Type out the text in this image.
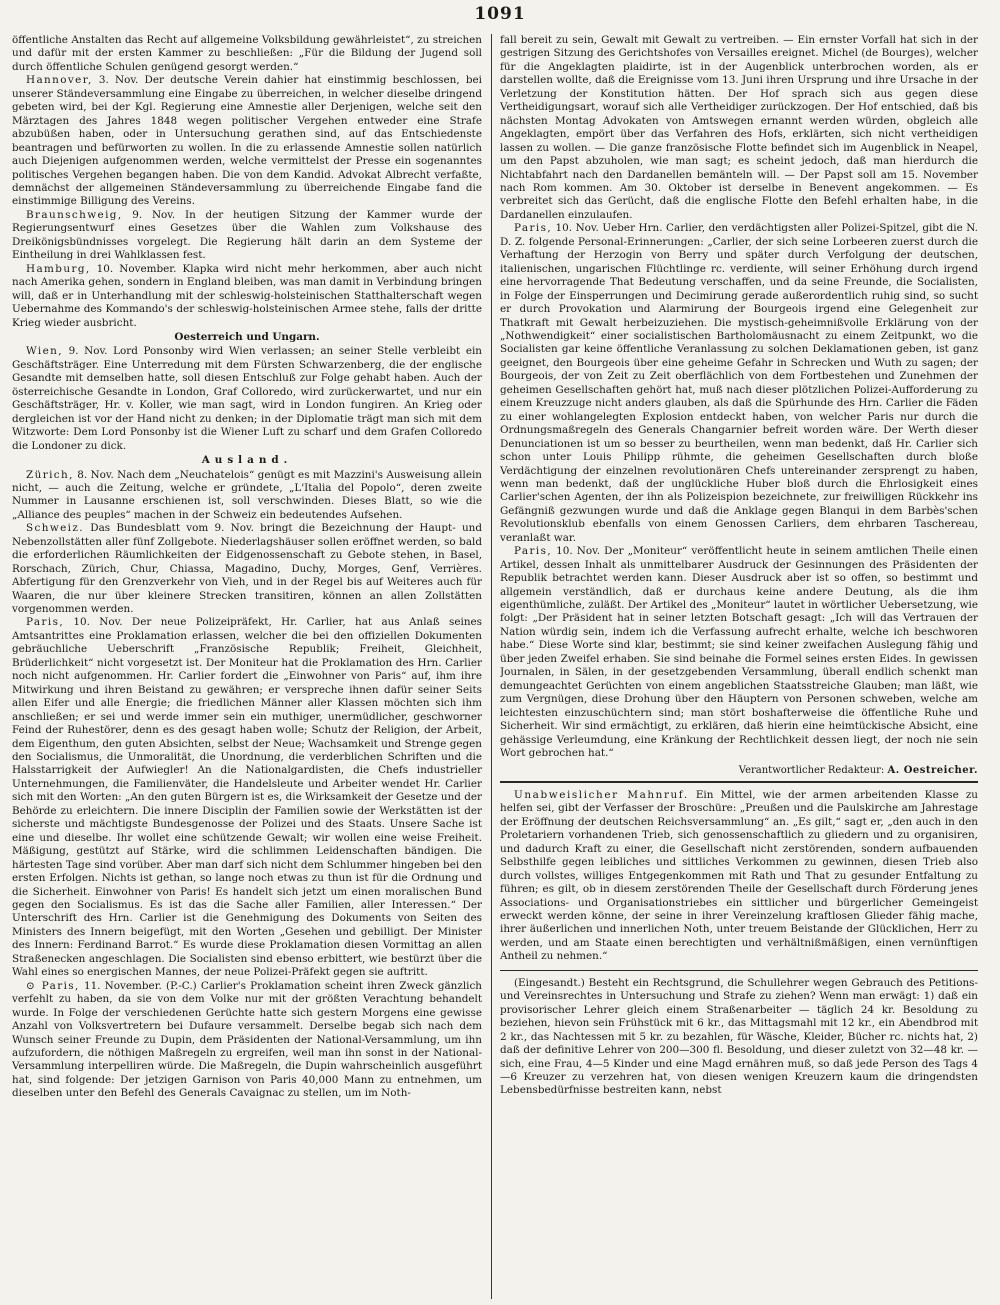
1091

öffentliche Anstalten das Recht auf allgemeine Volksbildung gewährleistet“, zu streichen und dafür mit der ersten Kammer zu beschließen: „Für die Bildung der Jugend soll durch öffentliche Schulen genügend gesorgt werden.“

Hannover, 3. Nov. Der deutsche Verein dahier hat einstimmig beschlossen, bei unserer Ständeversammlung eine Eingabe zu überreichen, in welcher dieselbe dringend gebeten wird, bei der Kgl. Regierung eine Amnestie aller Derjenigen, welche seit den Märztagen des Jahres 1848 wegen politischer Vergehen entweder eine Strafe abzubüßen haben, oder in Untersuchung gerathen sind, auf das Entschiedenste beantragen und befürworten zu wollen. In die zu erlassende Amnestie sollen natürlich auch Diejenigen aufgenommen werden, welche vermittelst der Presse ein sogenanntes politisches Vergehen begangen haben. Die von dem Kandid. Advokat Albrecht verfaßte, demnächst der allgemeinen Ständeversammlung zu überreichende Eingabe fand die einstimmige Billigung des Vereins.

Braunschweig, 9. Nov. In der heutigen Sitzung der Kammer wurde der Regierungsentwurf eines Gesetzes über die Wahlen zum Volkshause des Dreikönigsbündnisses vorgelegt. Die Regierung hält darin an dem Systeme der Eintheilung in drei Wahlklassen fest.

Hamburg, 10. November. Klapka wird nicht mehr herkommen, aber auch nicht nach Amerika gehen, sondern in England bleiben, was man damit in Verbindung bringen will, daß er in Unterhandlung mit der schleswig-holsteinischen Statthalterschaft wegen Uebernahme des Kommando's der schleswig-holsteinischen Armee stehe, falls der dritte Krieg wieder ausbricht.

Oesterreich und Ungarn.

Wien, 9. Nov. Lord Ponsonby wird Wien verlassen; an seiner Stelle verbleibt ein Geschäftsträger. Eine Unterredung mit dem Fürsten Schwarzenberg, die der englische Gesandte mit demselben hatte, soll diesen Entschluß zur Folge gehabt haben. Auch der österreichische Gesandte in London, Graf Colloredo, wird zurückerwartet, und nur ein Geschäftsträger, Hr. v. Koller, wie man sagt, wird in London fungiren. An Krieg oder dergleichen ist vor der Hand nicht zu denken; in der Diplomatie trägt man sich mit dem Witzworte: Dem Lord Ponsonby ist die Wiener Luft zu scharf und dem Grafen Colloredo die Londoner zu dick.

Ausland.

Zürich, 8. Nov. Nach dem „Neuchatelois“ genügt es mit Mazzini's Ausweisung allein nicht, — auch die Zeitung, welche er gründete, „L'Italia del Popolo“, deren zweite Nummer in Lausanne erschienen ist, soll verschwinden. Dieses Blatt, so wie die „Alliance des peuples“ machen in der Schweiz ein bedeutendes Aufsehen.

Schweiz. Das Bundesblatt vom 9. Nov. bringt die Bezeichnung der Haupt- und Nebenzollstätten aller fünf Zollgebote. Niederlagshäuser sollen eröffnet werden, so bald die erforderlichen Räumlichkeiten der Eidgenossenschaft zu Gebote stehen, in Basel, Rorschach, Zürich, Chur, Chiassa, Magadino, Duchy, Morges, Genf, Verrières. Abfertigung für den Grenzverkehr von Vieh, und in der Regel bis auf Weiteres auch für Waaren, die nur über kleinere Strecken transitiren, können an allen Zollstätten vorgenommen werden.

Paris, 10. Nov. Der neue Polizeipräfekt, Hr. Carlier, hat aus Anlaß seines Amtsantrittes eine Proklamation erlassen, welcher die bei den offiziellen Dokumenten gebräuchliche Ueberschrift „Französische Republik; Freiheit, Gleichheit, Brüderlichkeit“ nicht vorgesetzt ist. Der Moniteur hat die Proklamation des Hrn. Carlier noch nicht aufgenommen. Hr. Carlier fordert die „Einwohner von Paris“ auf, ihm ihre Mitwirkung und ihren Beistand zu gewähren; er verspreche ihnen dafür seiner Seits allen Eifer und alle Energie; die friedlichen Männer aller Klassen möchten sich ihm anschließen; er sei und werde immer sein ein muthiger, unermüdlicher, geschworner Feind der Ruhestörer, denn es des gesagt haben wolle; Schutz der Religion, der Arbeit, dem Eigenthum, den guten Absichten, selbst der Neue; Wachsamkeit und Strenge gegen den Socialismus, die Unmoralität, die Unordnung, die verderblichen Schriften und die Halsstarrigkeit der Aufwiegler! An die Nationalgardisten, die Chefs industrieller Unternehmungen, die Familienväter, die Handelsleute und Arbeiter wendet Hr. Carlier sich mit den Worten: „An den guten Bürgern ist es, die Wirksamkeit der Gesetze und der Behörde zu erleichtern. Die innere Disciplin der Familien sowie der Werkstätten ist der sicherste und mächtigste Bundesgenosse der Polizei und des Staats. Unsere Sache ist eine und dieselbe. Ihr wollet eine schützende Gewalt; wir wollen eine weise Freiheit. Mäßigung, gestützt auf Stärke, wird die schlimmen Leidenschaften bändigen. Die härtesten Tage sind vorüber. Aber man darf sich nicht dem Schlummer hingeben bei den ersten Erfolgen. Nichts ist gethan, so lange noch etwas zu thun ist für die Ordnung und die Sicherheit. Einwohner von Paris! Es handelt sich jetzt um einen moralischen Bund gegen den Socialismus. Es ist das die Sache aller Familien, aller Interessen.“ Der Unterschrift des Hrn. Carlier ist die Genehmigung des Dokuments von Seiten des Ministers des Innern beigefügt, mit den Worten „Gesehen und gebilligt. Der Minister des Innern: Ferdinand Barrot.“ Es wurde diese Proklamation diesen Vormittag an allen Straßenecken angeschlagen. Die Socialisten sind ebenso erbittert, wie bestürzt über die Wahl eines so energischen Mannes, der neue Polizei-Präfekt gegen sie auftritt.

⊙ Paris, 11. November. (P.-C.) Carlier's Proklamation scheint ihren Zweck gänzlich verfehlt zu haben, da sie von dem Volke nur mit der größten Verachtung behandelt wurde. In Folge der verschiedenen Gerüchte hatte sich gestern Morgens eine gewisse Anzahl von Volksvertretern bei Dufaure versammelt. Derselbe begab sich nach dem Wunsch seiner Freunde zu Dupin, dem Präsidenten der National-Versammlung, um ihn aufzufordern, die nöthigen Maßregeln zu ergreifen, weil man ihn sonst in der National-Versammlung interpelliren würde. Die Maßregeln, die Dupin wahrscheinlich ausgeführt hat, sind folgende: Der jetzigen Garnison von Paris 40,000 Mann zu entnehmen, um dieselben unter den Befehl des Generals Cavaignac zu stellen, um im Noth-

fall bereit zu sein, Gewalt mit Gewalt zu vertreiben. — Ein ernster Vorfall hat sich in der gestrigen Sitzung des Gerichtshofes von Versailles ereignet. Michel (de Bourges), welcher für die Angeklagten plaidirte, ist in der Augenblick unterbrochen worden, als er darstellen wollte, daß die Ereignisse vom 13. Juni ihren Ursprung und ihre Ursache in der Verletzung der Konstitution hätten. Der Hof sprach sich aus gegen diese Vertheidigungsart, worauf sich alle Vertheidiger zurückzogen. Der Hof entschied, daß bis nächsten Montag Advokaten von Amtswegen ernannt werden würden, obgleich alle Angeklagten, empört über das Verfahren des Hofs, erklärten, sich nicht vertheidigen lassen zu wollen. — Die ganze französische Flotte befindet sich im Augenblick in Neapel, um den Papst abzuholen, wie man sagt; es scheint jedoch, daß man hierdurch die Nichtabfahrt nach den Dardanellen bemänteln will. — Der Papst soll am 15. November nach Rom kommen. Am 30. Oktober ist derselbe in Benevent angekommen. — Es verbreitet sich das Gerücht, daß die englische Flotte den Befehl erhalten habe, in die Dardanellen einzulaufen.

Paris, 10. Nov. Ueber Hrn. Carlier, den verdächtigsten aller Polizei-Spitzel, gibt die N. D. Z. folgende Personal-Erinnerungen: „Carlier, der sich seine Lorbeeren zuerst durch die Verhaftung der Herzogin von Berry und später durch Verfolgung der deutschen, italienischen, ungarischen Flüchtlinge rc. verdiente, will seiner Erhöhung durch irgend eine hervorragende That Bedeutung verschaffen, und da seine Freunde, die Socialisten, in Folge der Einsperrungen und Decimirung gerade außerordentlich ruhig sind, so sucht er durch Provokation und Alarmirung der Bourgeois irgend eine Gelegenheit zur Thatkraft mit Gewalt herbeizuziehen. Die mystisch-geheimnißvolle Erklärung von der „Nothwendigkeit“ einer socialistischen Bartholomäusnacht zu einem Zeitpunkt, wo die Socialisten gar keine öffentliche Veranlassung zu solchen Deklamationen geben, ist ganz geeignet, den Bourgeois über eine geheime Gefahr in Schrecken und Wuth zu sagen; der Bourgeois, der von Zeit zu Zeit oberflächlich von dem Fortbestehen und Zunehmen der geheimen Gesellschaften gehört hat, muß nach dieser plötzlichen Polizei-Aufforderung zu einem Kreuzzuge nicht anders glauben, als daß die Spürhunde des Hrn. Carlier die Fäden zu einer wohlangelegten Explosion entdeckt haben, von welcher Paris nur durch die Ordnungsmaßregeln des Generals Changarnier befreit worden wäre. Der Werth dieser Denunciationen ist um so besser zu beurtheilen, wenn man bedenkt, daß Hr. Carlier sich schon unter Louis Philipp rühmte, die geheimen Gesellschaften durch bloße Verdächtigung der einzelnen revolutionären Chefs untereinander zersprengt zu haben, wenn man bedenkt, daß der unglückliche Huber bloß durch die Ehrlosigkeit eines Carlier'schen Agenten, der ihn als Polizeispion bezeichnete, zur freiwilligen Rückkehr ins Gefängniß gezwungen wurde und daß die Anklage gegen Blanqui in dem Barbès'schen Revolutionsklub ebenfalls von einem Genossen Carliers, dem ehrbaren Taschereau, veranlaßt war.

Paris, 10. Nov. Der „Moniteur“ veröffentlicht heute in seinem amtlichen Theile einen Artikel, dessen Inhalt als unmittelbarer Ausdruck der Gesinnungen des Präsidenten der Republik betrachtet werden kann. Dieser Ausdruck aber ist so offen, so bestimmt und allgemein verständlich, daß er durchaus keine andere Deutung, als die ihm eigenthümliche, zuläßt. Der Artikel des „Moniteur“ lautet in wörtlicher Uebersetzung, wie folgt: „Der Präsident hat in seiner letzten Botschaft gesagt: „Ich will das Vertrauen der Nation würdig sein, indem ich die Verfassung aufrecht erhalte, welche ich beschworen habe.“ Diese Worte sind klar, bestimmt; sie sind keiner zweifachen Auslegung fähig und über jeden Zweifel erhaben. Sie sind beinahe die Formel seines ersten Eides. In gewissen Journalen, in Sälen, in der gesetzgebenden Versammlung, überall endlich schenkt man demungeachtet Gerüchten von einem angeblichen Staatsstreiche Glauben; man läßt, wie zum Vergnügen, diese Drohung über den Häuptern von Personen schweben, welche am leichtesten einzuschüchtern sind; man stört boshafterweise die öffentliche Ruhe und Sicherheit. Wir sind ermächtigt, zu erklären, daß hierin eine heimtückische Absicht, eine gehässige Verleumdung, eine Kränkung der Rechtlichkeit dessen liegt, der noch nie sein Wort gebrochen hat.“

Verantwortlicher Redakteur: A. Oestreicher.

Unabweislicher Mahnruf. Ein Mittel, wie der armen arbeitenden Klasse zu helfen sei, gibt der Verfasser der Broschüre: „Preußen und die Paulskirche am Jahrestage der Eröffnung der deutschen Reichsversammlung“ an. „Es gilt,“ sagt er, „den auch in den Proletariern vorhandenen Trieb, sich genossenschaftlich zu gliedern und zu organisiren, und dadurch Kraft zu einer, die Gesellschaft nicht zerstörenden, sondern aufbauenden Selbsthilfe gegen leibliches und sittliches Verkommen zu gewinnen, diesen Trieb also durch vollstes, williges Entgegenkommen mit Rath und That zu gesunder Entfaltung zu führen; es gilt, ob in diesem zerstörenden Theile der Gesellschaft durch Förderung jenes Associations- und Organisationstriebes ein sittlicher und bürgerlicher Gemeingeist erweckt werden könne, der seine in ihrer Vereinzelung kraftlosen Glieder fähig mache, ihrer äußerlichen und innerlichen Noth, unter treuem Beistande der Glücklichen, Herr zu werden, und am Staate einen berechtigten und verhältnißmäßigen, einen vernünftigen Antheil zu nehmen.“

(Eingesandt.) Besteht ein Rechtsgrund, die Schullehrer wegen Gebrauch des Petitions- und Vereinsrechtes in Untersuchung und Strafe zu ziehen? Wenn man erwägt: 1) daß ein provisorischer Lehrer gleich einem Straßenarbeiter — täglich 24 kr. Besoldung zu beziehen, hievon sein Frühstück mit 6 kr., das Mittagsmahl mit 12 kr., ein Abendbrod mit 2 kr., das Nachtessen mit 5 kr. zu bezahlen, für Wäsche, Kleider, Bücher rc. nichts hat, 2) daß der definitive Lehrer von 200—300 fl. Besoldung, und dieser zuletzt von 32—48 kr. — sich, eine Frau, 4—5 Kinder und eine Magd ernähren muß, so daß jede Person des Tags 4—6 Kreuzer zu verzehren hat, von diesen wenigen Kreuzern kaum die dringendsten Lebensbedürfnisse bestreiten kann, nebst
